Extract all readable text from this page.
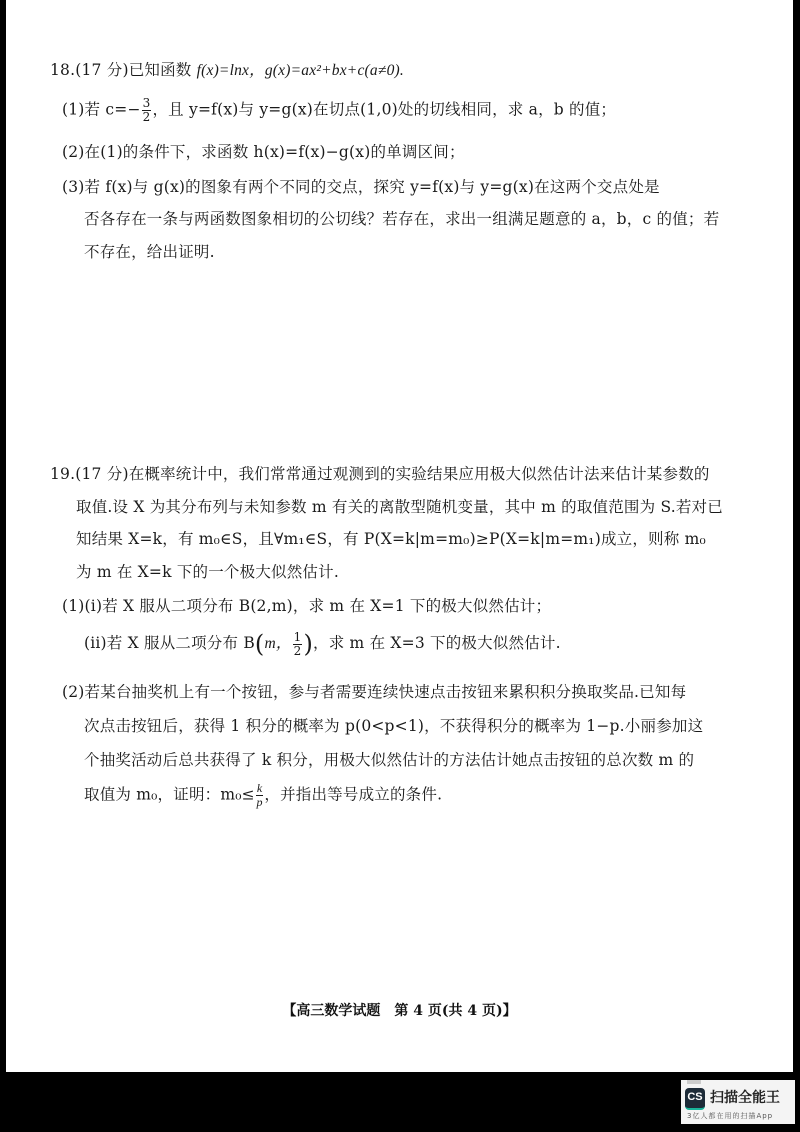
18.(17 分)已知函数 f(x)=lnx，g(x)=ax²+bx+c(a≠0).
(1)若 $c=- \frac{3}{2}$ ，且 y=f(x)与 y=g(x)在切点(1,0)处的切线相同，求 a，b 的值；
(2)在(1)的条件下，求函数 h(x)=f(x)−g(x)的单调区间；
(3)若 f(x)与 g(x)的图象有两个不同的交点，探究 y=f(x)与 y=g(x)在这两个交点处是
否各存在一条与两函数图象相切的公切线？若存在，求出一组满足题意的 a，b，c 的值；若
不存在，给出证明.
19.(17 分)在概率统计中，我们常常通过观测到的实验结果应用极大似然估计法来估计某参数的
取值.设 X 为其分布列与未知参数 m 有关的离散型随机变量，其中 m 的取值范围为 S.若对已
知结果 X=k，有 m₀∈S，且∀m₁∈S，有 P(X=k|m=m₀)≥P(X=k|m=m₁)成立，则称 m₀
为 m 在 X=k 下的一个极大似然估计.
(1)(i)若 X 服从二项分布 B(2,m)，求 m 在 X=1 下的极大似然估计；
(ii)若 X 服从二项分布 B(m， $\frac{1}{2}$ )，求 m 在 X=3 下的极大似然估计.
(2)若某台抽奖机上有一个按钮，参与者需要连续快速点击按钮来累积积分换取奖品.已知每
次点击按钮后，获得 1 积分的概率为 p(0<p<1)，不获得积分的概率为 1−p.小丽参加这
个抽奖活动后总共获得了 k 积分，用极大似然估计的方法估计她点击按钮的总次数 m 的
取值为 m₀，证明：$m_0\le \frac{k}{p}$ ，并指出等号成立的条件.
【高三数学试题　第 4 页(共 4 页)】
CS 扫描全能王
3亿人都在用的扫描App
